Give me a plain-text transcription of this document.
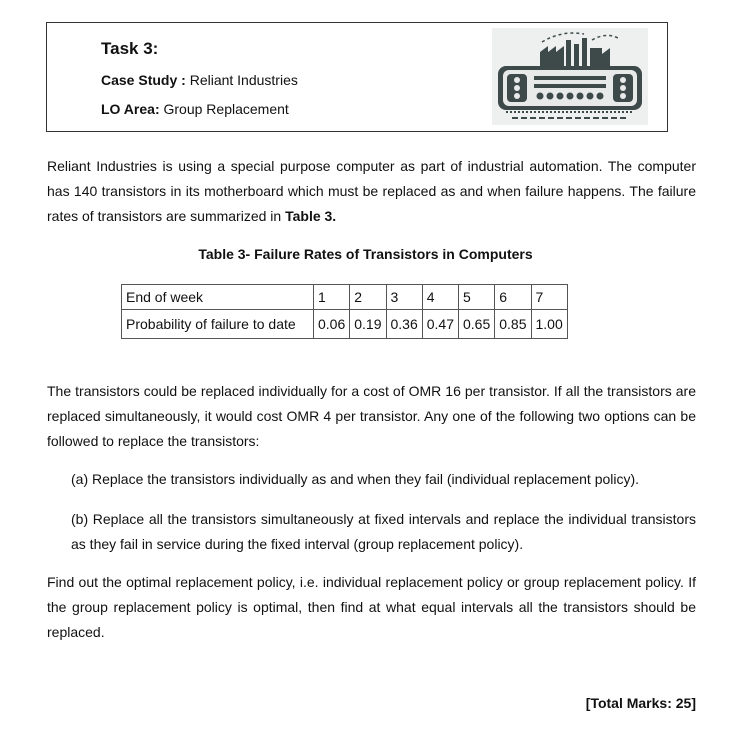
Task 3:
Case Study : Reliant Industries
LO Area: Group Replacement

Reliant Industries is using a special purpose computer as part of industrial automation. The computer has 140 transistors in its motherboard which must be replaced as and when failure happens. The failure rates of transistors are summarized in Table 3.

Table 3- Failure Rates of Transistors in Computers
End of week	1	2	3	4	5	6	7
Probability of failure to date	0.06	0.19	0.36	0.47	0.65	0.85	1.00

The transistors could be replaced individually for a cost of OMR 16 per transistor. If all the transistors are replaced simultaneously, it would cost OMR 4 per transistor. Any one of the following two options can be followed to replace the transistors:

(a) Replace the transistors individually as and when they fail (individual replacement policy).

(b) Replace all the transistors simultaneously at fixed intervals and replace the individual transistors as they fail in service during the fixed interval (group replacement policy).

Find out the optimal replacement policy, i.e. individual replacement policy or group replacement policy. If the group replacement policy is optimal, then find at what equal intervals all the transistors should be replaced.

[Total Marks: 25]
